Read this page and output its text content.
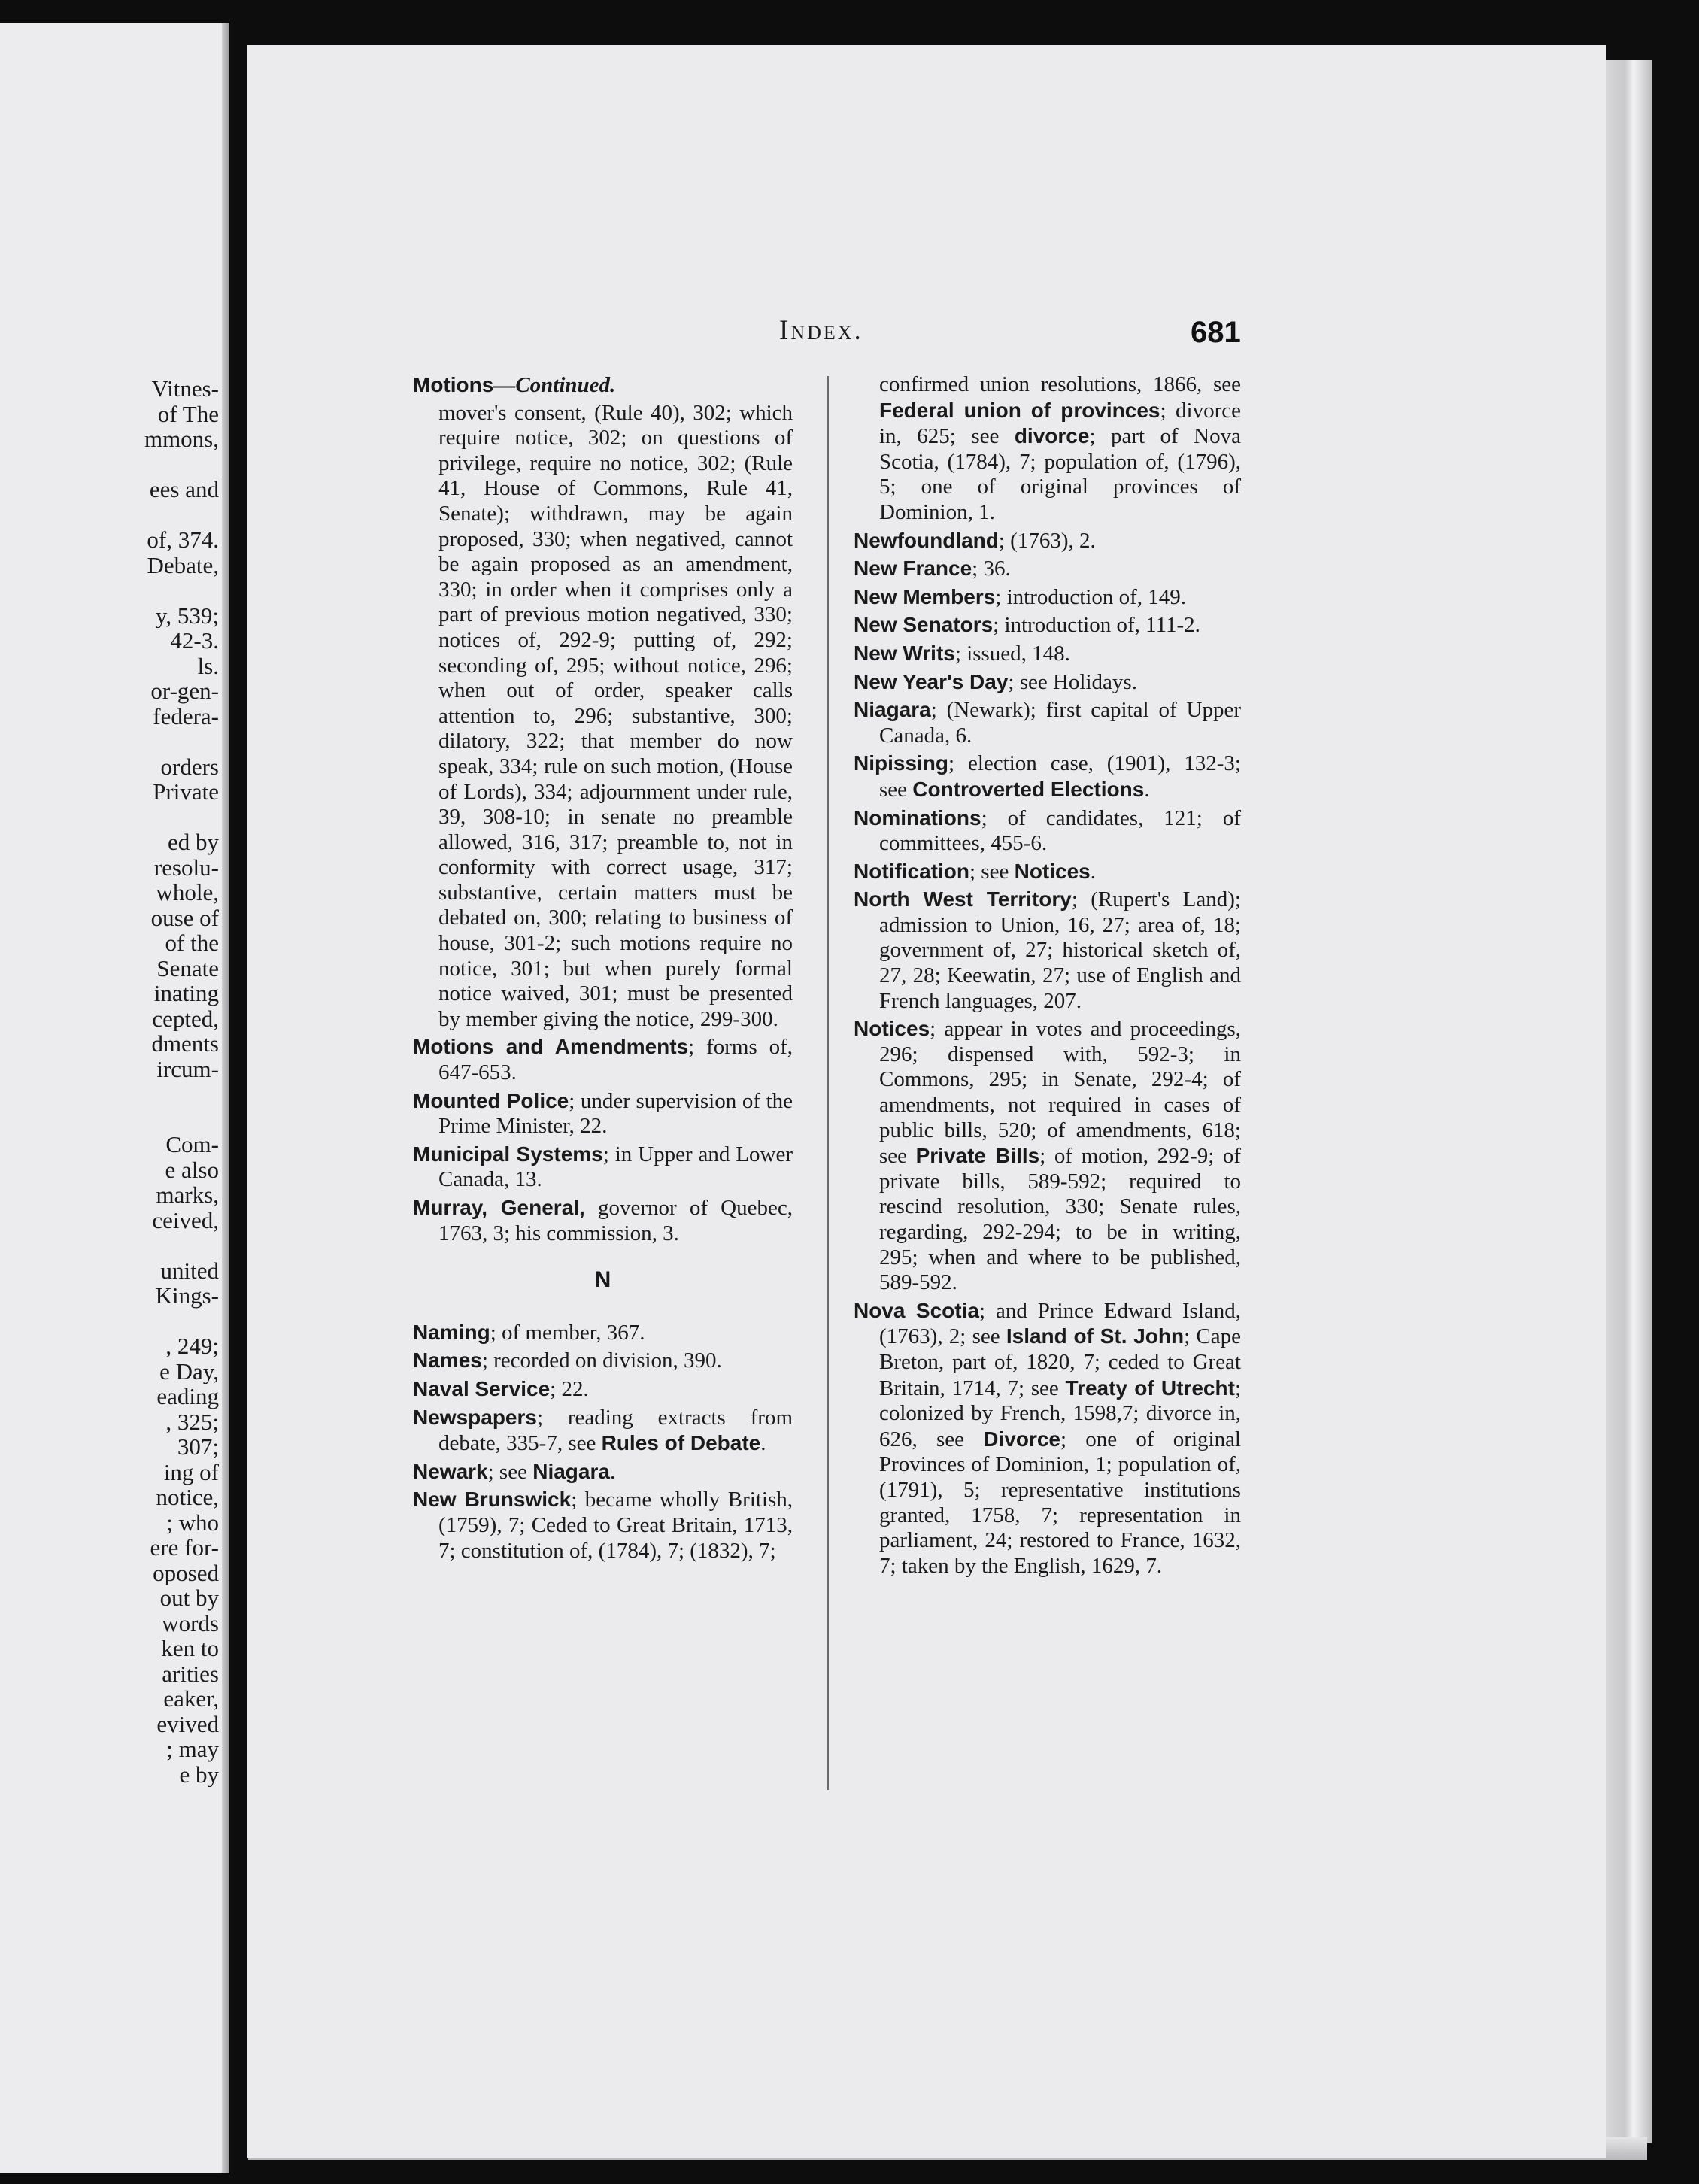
Vitnes-
of The
mmons,
ees and
of, 374.
Debate,
y, 539;
42-3.
ls.
or-gen-
federa-
orders
Private
ed by
resolu-
whole,
ouse of
of the
Senate
inating
cepted,
dments
ircum-
Com-
e also
marks,
ceived,
united
Kings-
, 249;
e Day,
eading
, 325;
307;
ing of
notice,
; who
ere for-
oposed
out by
words
ken to
arities
eaker,
evived
; may
e by
Index.	681
Motions—Continued.
mover's consent, (Rule 40), 302; which require notice, 302; on questions of privilege, require no notice, 302; (Rule 41, House of Commons, Rule 41, Senate); withdrawn, may be again proposed, 330; when negatived, cannot be again proposed as an amendment, 330; in order when it comprises only a part of previous motion negatived, 330; notices of, 292-9; putting of, 292; seconding of, 295; without notice, 296; when out of order, speaker calls attention to, 296; substantive, 300; dilatory, 322; that member do now speak, 334; rule on such motion, (House of Lords), 334; adjournment under rule, 39, 308-10; in senate no preamble allowed, 316, 317; preamble to, not in conformity with correct usage, 317; substantive, certain matters must be debated on, 300; relating to business of house, 301-2; such motions require no notice, 301; but when purely formal notice waived, 301; must be presented by member giving the notice, 299-300.
Motions and Amendments; forms of, 647-653.
Mounted Police; under supervision of the Prime Minister, 22.
Municipal Systems; in Upper and Lower Canada, 13.
Murray, General, governor of Quebec, 1763, 3; his commission, 3.
N
Naming; of member, 367.
Names; recorded on division, 390.
Naval Service; 22.
Newspapers; reading extracts from debate, 335-7, see Rules of Debate.
Newark; see Niagara.
New Brunswick; became wholly British, (1759), 7; Ceded to Great Britain, 1713, 7; constitution of, (1784), 7; (1832), 7;
confirmed union resolutions, 1866, see Federal union of provinces; divorce in, 625; see divorce; part of Nova Scotia, (1784), 7; population of, (1796), 5; one of original provinces of Dominion, 1.
Newfoundland; (1763), 2.
New France; 36.
New Members; introduction of, 149.
New Senators; introduction of, 111-2.
New Writs; issued, 148.
New Year's Day; see Holidays.
Niagara; (Newark); first capital of Upper Canada, 6.
Nipissing; election case, (1901), 132-3; see Controverted Elections.
Nominations; of candidates, 121; of committees, 455-6.
Notification; see Notices.
North West Territory; (Rupert's Land); admission to Union, 16, 27; area of, 18; government of, 27; historical sketch of, 27, 28; Keewatin, 27; use of English and French languages, 207.
Notices; appear in votes and proceedings, 296; dispensed with, 592-3; in Commons, 295; in Senate, 292-4; of amendments, not required in cases of public bills, 520; of amendments, 618; see Private Bills; of motion, 292-9; of private bills, 589-592; required to rescind resolution, 330; Senate rules, regarding, 292-294; to be in writing, 295; when and where to be published, 589-592.
Nova Scotia; and Prince Edward Island, (1763), 2; see Island of St. John; Cape Breton, part of, 1820, 7; ceded to Great Britain, 1714, 7; see Treaty of Utrecht; colonized by French, 1598,7; divorce in, 626, see Divorce; one of original Provinces of Dominion, 1; population of, (1791), 5; representative institutions granted, 1758, 7; representation in parliament, 24; restored to France, 1632, 7; taken by the English, 1629, 7.
